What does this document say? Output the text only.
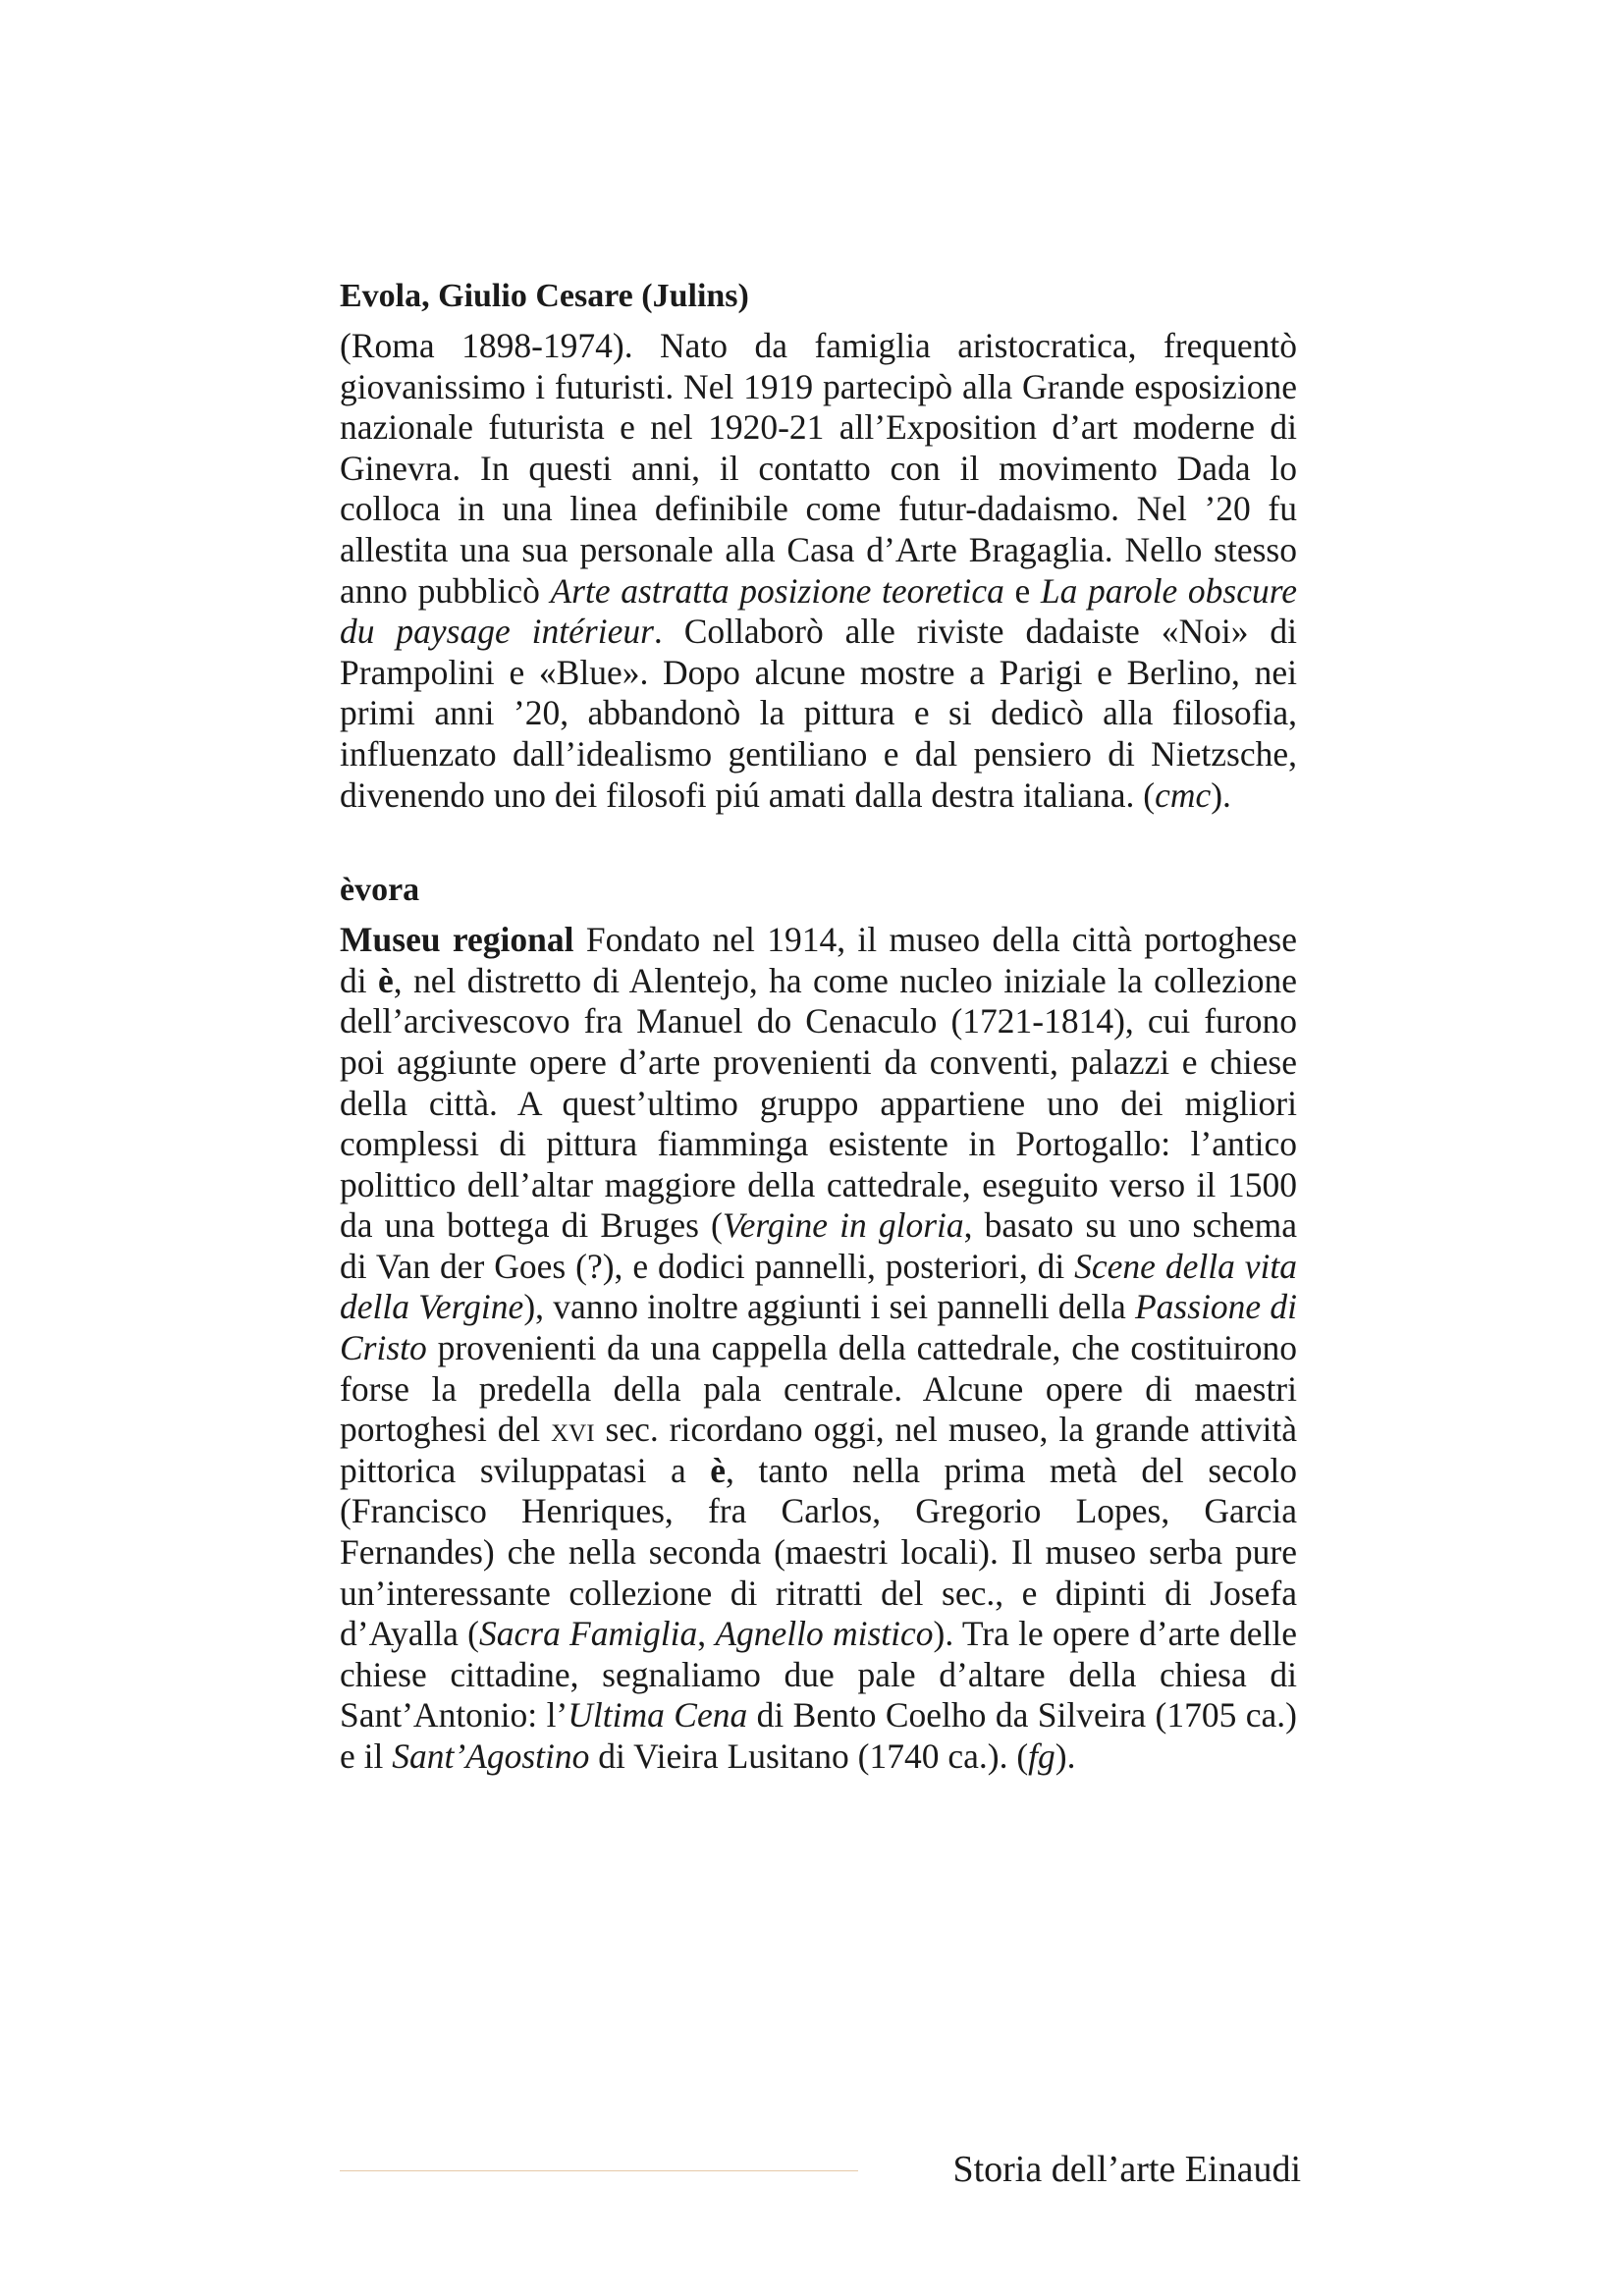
Evola, Giulio Cesare (Julins)

(Roma 1898-1974). Nato da famiglia aristocratica, frequentò giovanissimo i futuristi. Nel 1919 partecipò alla Grande esposizione nazionale futurista e nel 1920-21 all’Exposition d’art moderne di Ginevra. In questi anni, il contatto con il movimento Dada lo colloca in una linea definibile come futur-dadaismo. Nel ’20 fu allestita una sua personale alla Casa d’Arte Bragaglia. Nello stesso anno pubblicò Arte astratta posizione teoretica e La parole obscure du paysage intérieur. Collaborò alle riviste dadaiste «Noi» di Prampolini e «Blue». Dopo alcune mostre a Parigi e Berlino, nei primi anni ’20, abbandonò la pittura e si dedicò alla filosofia, influenzato dall’idealismo gentiliano e dal pensiero di Nietzsche, divenendo uno dei filosofi piú amati dalla destra italiana. (cmc).

èvora

Museu regional Fondato nel 1914, il museo della città portoghese di è, nel distretto di Alentejo, ha come nucleo iniziale la collezione dell’arcivescovo fra Manuel do Cenaculo (1721-1814), cui furono poi aggiunte opere d’arte provenienti da conventi, palazzi e chiese della città. A quest’ultimo gruppo appartiene uno dei migliori complessi di pittura fiamminga esistente in Portogallo: l’antico polittico dell’altar maggiore della cattedrale, eseguito verso il 1500 da una bottega di Bruges (Vergine in gloria, basato su uno schema di Van der Goes (?), e dodici pannelli, posteriori, di Scene della vita della Vergine), vanno inoltre aggiunti i sei pannelli della Passione di Cristo provenienti da una cappella della cattedrale, che costituirono forse la predella della pala centrale. Alcune opere di maestri portoghesi del xvi sec. ricordano oggi, nel museo, la grande attività pittorica sviluppatasi a è, tanto nella prima metà del secolo (Francisco Henriques, fra Carlos, Gregorio Lopes, Garcia Fernandes) che nella seconda (maestri locali). Il museo serba pure un’interessante collezione di ritratti del sec., e dipinti di Josefa d’Ayalla (Sacra Famiglia, Agnello mistico). Tra le opere d’arte delle chiese cittadine, segnaliamo due pale d’altare della chiesa di Sant’Antonio: l’Ultima Cena di Bento Coelho da Silveira (1705 ca.) e il Sant’Agostino di Vieira Lusitano (1740 ca.). (fg).

Storia dell’arte Einaudi
